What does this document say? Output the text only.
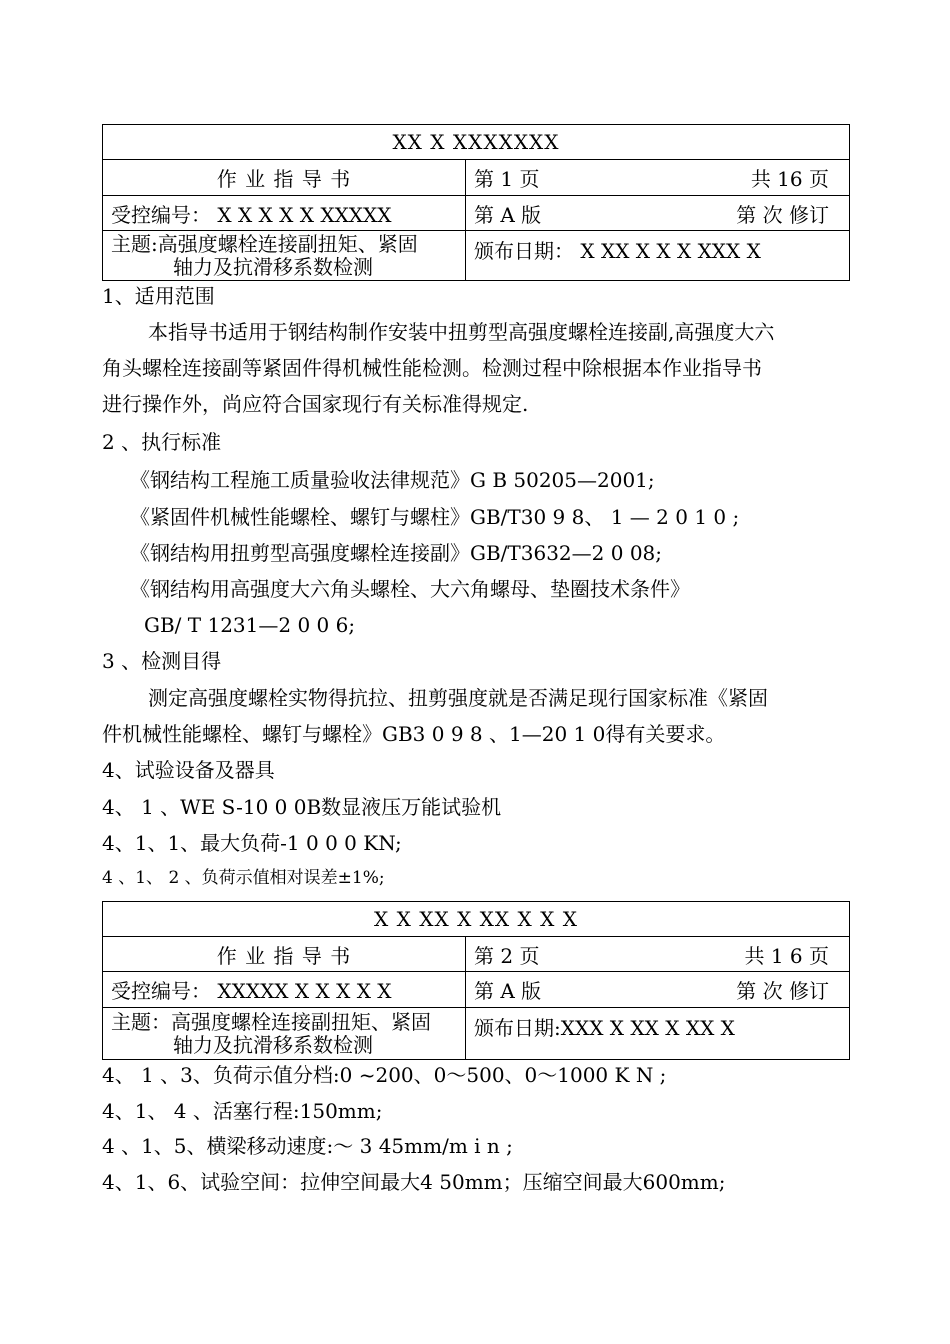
XX X XXXXXXX	
作 业 指 导 书	第 1 页 共 16 页

受控编号： X X X X X XXXXX	第 A 版 第 次 修订

主题:高强度螺栓连接副扭矩、紧固
轴力及抗滑移系数检测	颁布日期： X XX X X X XXX X
1、适用范围
本指导书适用于钢结构制作安装中扭剪型高强度螺栓连接副,高强度大六
角头螺栓连接副等紧固件得机械性能检测。检测过程中除根据本作业指导书
进行操作外，尚应符合国家现行有关标准得规定.
2 、执行标准
《钢结构工程施工质量验收法律规范》G B 50205—2001;
《紧固件机械性能螺栓、螺钉与螺柱》GB/T30 9 8、 1 — 2 0 1 0 ;
《钢结构用扭剪型高强度螺栓连接副》GB/T3632—2 0 08;
《钢结构用高强度大六角头螺栓、大六角螺母、垫圈技术条件》
GB/ T 1231—2 0 0 6;
3 、检测目得
测定高强度螺栓实物得抗拉、扭剪强度就是否满足现行国家标准《紧固
件机械性能螺栓、螺钉与螺栓》GB3 0 9 8 、1—20 1 0得有关要求。
4、试验设备及器具
4、 1 、WE S-10 0 0B数显液压万能试验机
4、1、1、最大负荷-1 0 0 0 KN;
4 、1、 2 、负荷示值相对误差±1%;
X X XX X XX X X X	
作 业 指 导 书	第 2 页 共 1 6 页

受控编号： XXXXX X X X X X	第 A 版 第 次 修订

主题：高强度螺栓连接副扭矩、紧固
轴力及抗滑移系数检测	颁布日期:XXX X XX X XX X
4、 1 、3、负荷示值分档:0 ~200、0～500、0～1000 K N ;
4、1、 4 、活塞行程:150mm;
4 、1、5、横梁移动速度:～ 3 45mm/m i n ;
4、1、6、试验空间：拉伸空间最大4 50mm；压缩空间最大600mm;
